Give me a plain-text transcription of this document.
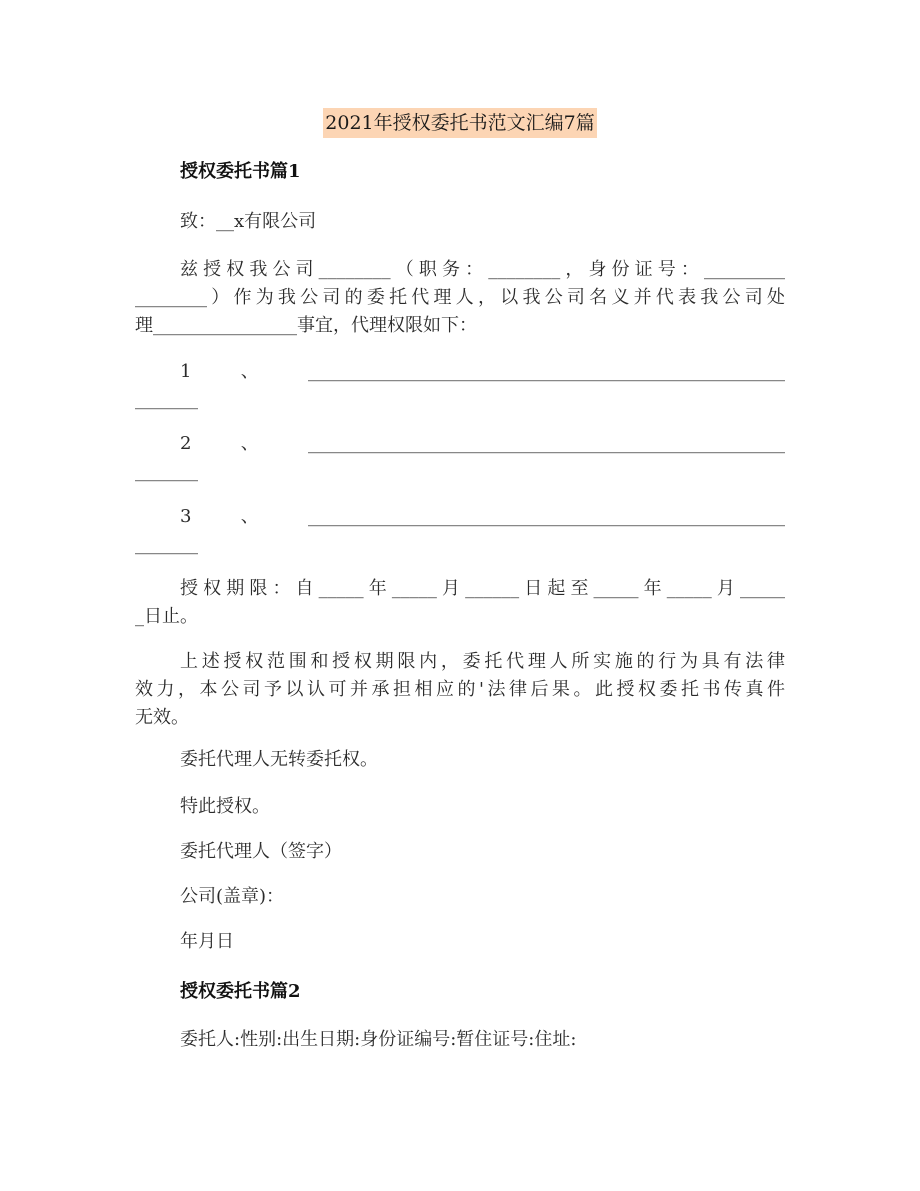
2021年授权委托书范文汇编7篇
授权委托书篇1
致：__x有限公司
兹授权我公司________（职务：________，身份证号：_________
________）作为我公司的委托代理人，以我公司名义并代表我公司处
理________________事宜，代理权限如下：
1、_____________________________________________________
_______
2、_____________________________________________________
_______
3、_____________________________________________________
_______
授权期限：自_____年_____月______日起至_____年_____月_____
_日止。
上述授权范围和授权期限内，委托代理人所实施的行为具有法律
效力，本公司予以认可并承担相应的'法律后果。此授权委托书传真件
无效。
委托代理人无转委托权。
特此授权。
委托代理人（签字）
公司(盖章)：
年月日
授权委托书篇2
委托人:性别:出生日期:身份证编号:暂住证号:住址:
